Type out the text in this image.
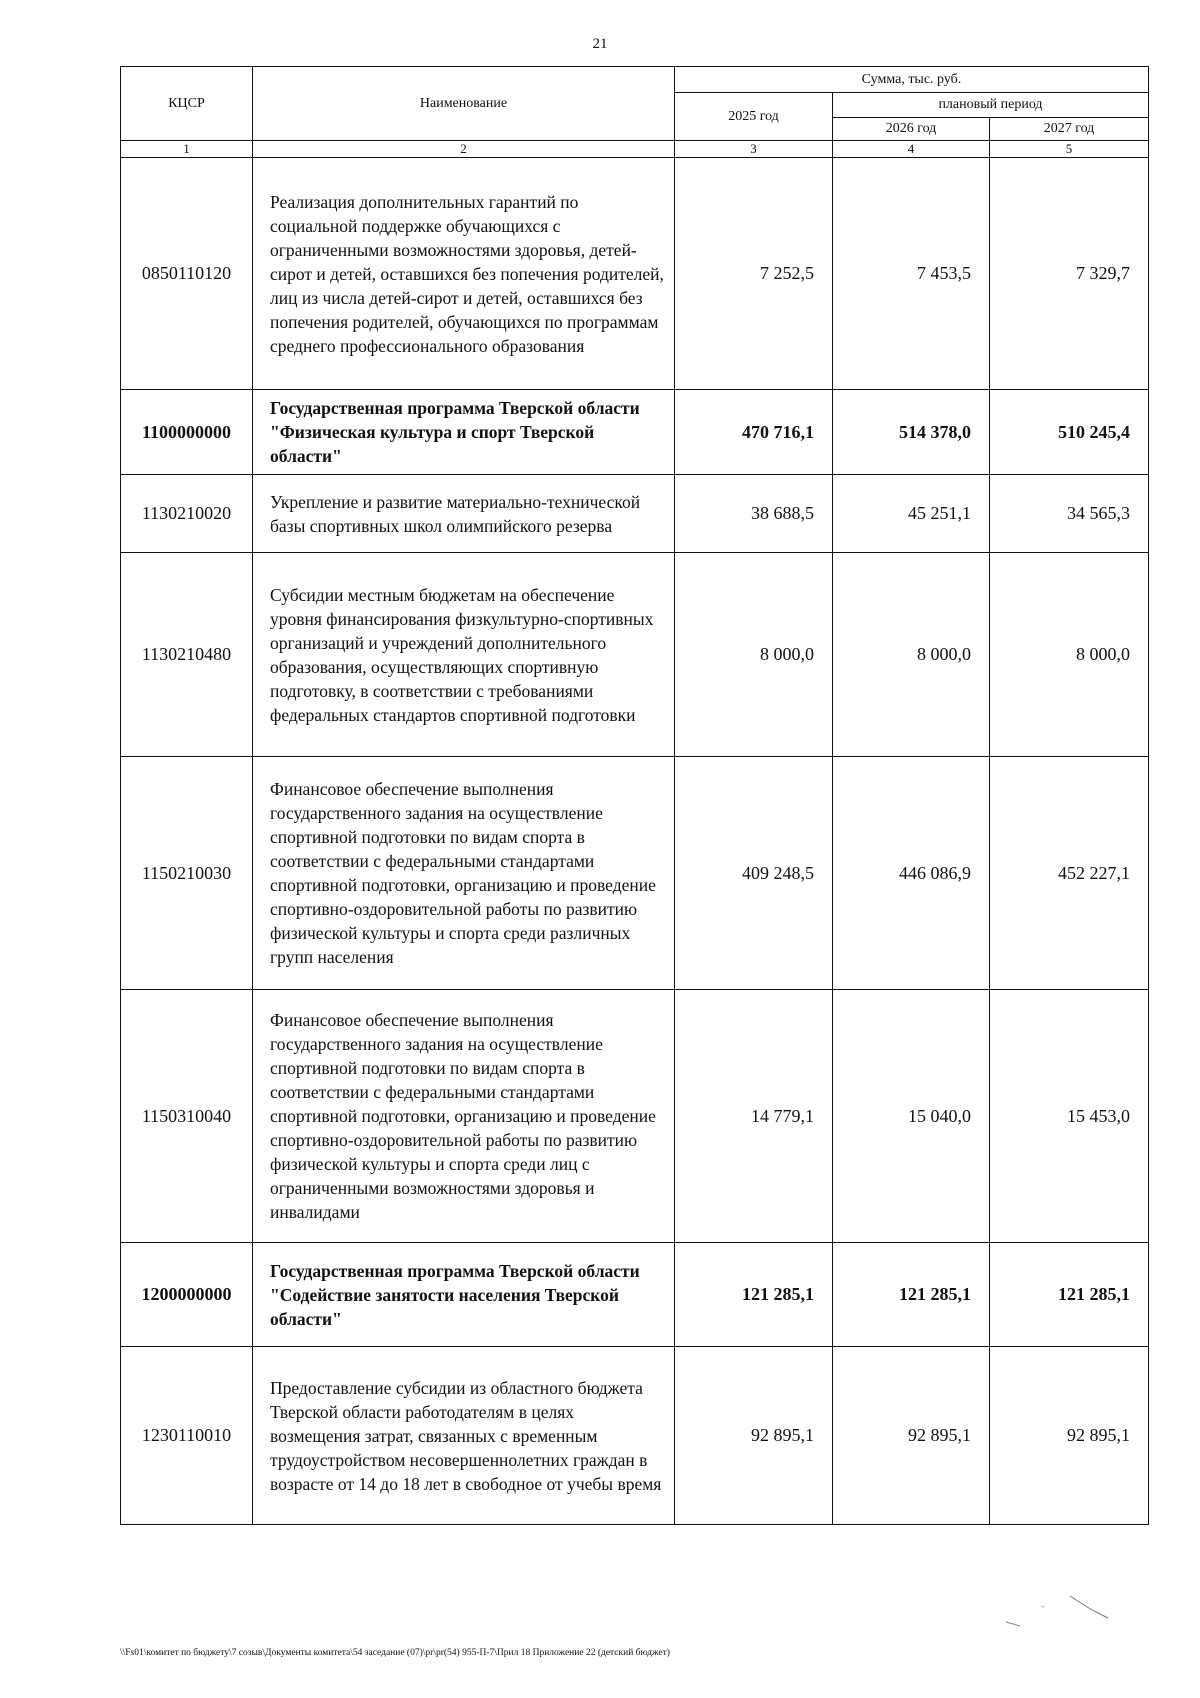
21
КЦСР	Наименование	Сумма, тыс. руб.		
		2025 год	плановый период	
			2026 год	2027 год
1	2	3	4	5
0850110120	Реализация дополнительных гарантий по социальной поддержке обучающихся с ограниченными возможностями здоровья, детей-сирот и детей, оставшихся без попечения родителей, лиц из числа детей-сирот и детей, оставшихся без попечения родителей, обучающихся по программам среднего профессионального образования	7 252,5	7 453,5	7 329,7
1100000000	Государственная программа Тверской области "Физическая культура и спорт Тверской области"	470 716,1	514 378,0	510 245,4
1130210020	Укрепление и развитие материально-технической базы спортивных школ олимпийского резерва	38 688,5	45 251,1	34 565,3
1130210480	Субсидии местным бюджетам на обеспечение уровня финансирования физкультурно-спортивных организаций и учреждений дополнительного образования, осуществляющих спортивную подготовку, в соответствии с требованиями федеральных стандартов спортивной подготовки	8 000,0	8 000,0	8 000,0
1150210030	Финансовое обеспечение выполнения государственного задания на осуществление спортивной подготовки по видам спорта в соответствии с федеральными стандартами спортивной подготовки, организацию и проведение спортивно-оздоровительной работы по развитию физической культуры и спорта среди различных групп населения	409 248,5	446 086,9	452 227,1
1150310040	Финансовое обеспечение выполнения государственного задания на осуществление спортивной подготовки по видам спорта в соответствии с федеральными стандартами спортивной подготовки, организацию и проведение спортивно-оздоровительной работы по развитию физической культуры и спорта среди лиц с ограниченными возможностями здоровья и инвалидами	14 779,1	15 040,0	15 453,0
1200000000	Государственная программа Тверской области "Содействие занятости населения Тверской области"	121 285,1	121 285,1	121 285,1
1230110010	Предоставление субсидии из областного бюджета Тверской области работодателям в целях возмещения затрат, связанных с временным трудоустройством несовершеннолетних граждан в возрасте от 14 до 18 лет в свободное от учебы время	92 895,1	92 895,1	92 895,1
\\Fs01\комитет по бюджету\7 созыв\Документы комитета\54 заседание (07)\pr\pr(54) 955-П-7\Прил 18 Приложение 22 (детский бюджет)
